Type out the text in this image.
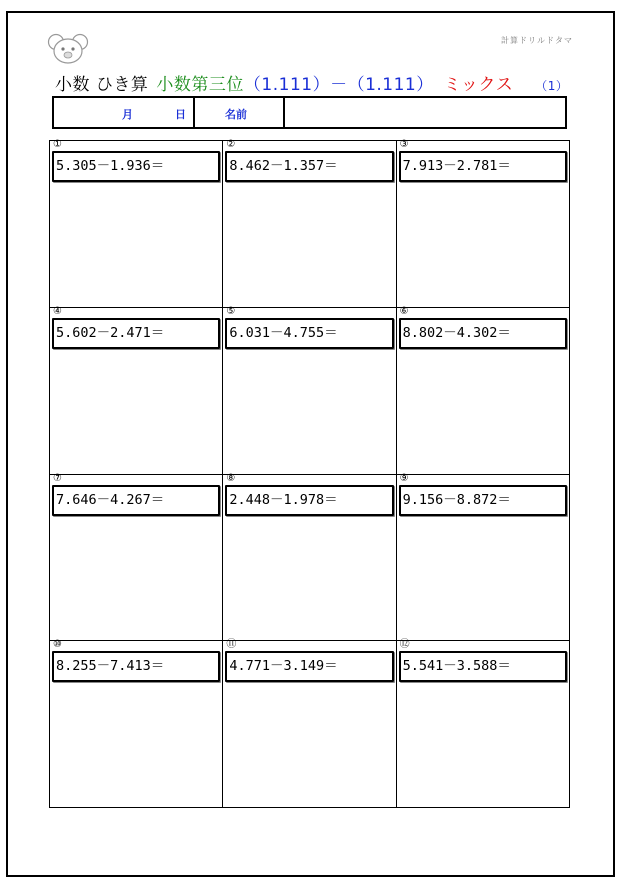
計算ドリルドタマ
小数 ひき算 小数第三位（1.111）－（1.111） ミックス （1）
月	日	名前
①
5.305－1.936＝
②
8.462－1.357＝
③
7.913－2.781＝
④
5.602－2.471＝
⑤
6.031－4.755＝
⑥
8.802－4.302＝
⑦
7.646－4.267＝
⑧
2.448－1.978＝
⑨
9.156－8.872＝
⑩
8.255－7.413＝
⑪
4.771－3.149＝
⑫
5.541－3.588＝
